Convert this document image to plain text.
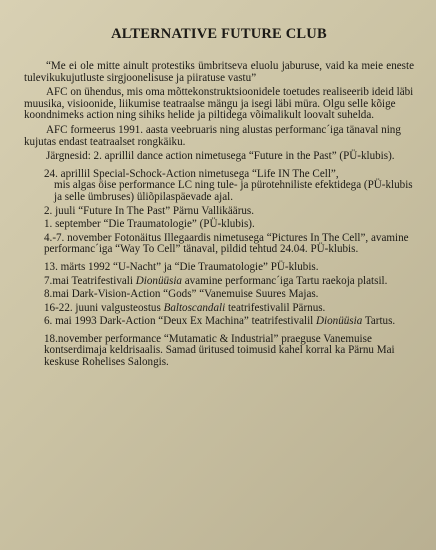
ALTERNATIVE FUTURE CLUB

“Me ei ole mitte ainult protestiks ümbritseva eluolu jaburuse, vaid ka meie eneste tulevikukujutluste sirgjoonelisuse ja piiratuse vastu”

AFC on ühendus, mis oma mõttekonstruktsioonidele toetudes realiseerib ideid läbi muusika, visioonide, liikumise teatraalse mängu ja isegi läbi müra. Olgu selle kõige koondnimeks action ning sihiks helide ja piltidega võimalikult loovalt suhelda.

AFC formeerus 1991. aasta veebruaris ning alustas performanc´iga tänaval ning kujutas endast teatraalset rongkäiku.

Järgnesid: 2. aprillil dance action nimetusega “Future in the Past” (PÜ-klubis).

24. aprillil Special-Schock-Action nimetusega “Life IN The Cell”,

mis algas öise performance LC ning tule- ja pürotehniliste efektidega (PÜ-klubis ja selle ümbruses) üliõpilaspäevade ajal.

2. juuli “Future In The Past” Pärnu Vallikäärus.

1. september “Die Traumatologie” (PÜ-klubis).

4.-7. november Fotonäitus Illegaardis nimetusega “Pictures In The Cell”, avamine performanc´iga “Way To Cell” tänaval, pildid tehtud 24.04. PÜ-klubis.

13. märts 1992 “U-Nacht” ja “Die Traumatologie” PÜ-klubis.

7.mai Teatrifestivali Dionüüsia avamine performanc´iga Tartu raekoja platsil.

8.mai Dark-Vision-Action “Gods” “Vanemuise Suures Majas.

16-22. juuni valgusteostus Baltoscandali teatrifestivalil Pärnus.

6. mai 1993 Dark-Action “Deux Ex Machina” teatrifestivalil Dionüüsia Tartus.

18.november performance “Mutamatic & Industrial” praeguse Vanemuise kontserdimaja keldrisaalis. Samad üritused toimusid kahel korral ka Pärnu Mai keskuse Rohelises Salongis.
